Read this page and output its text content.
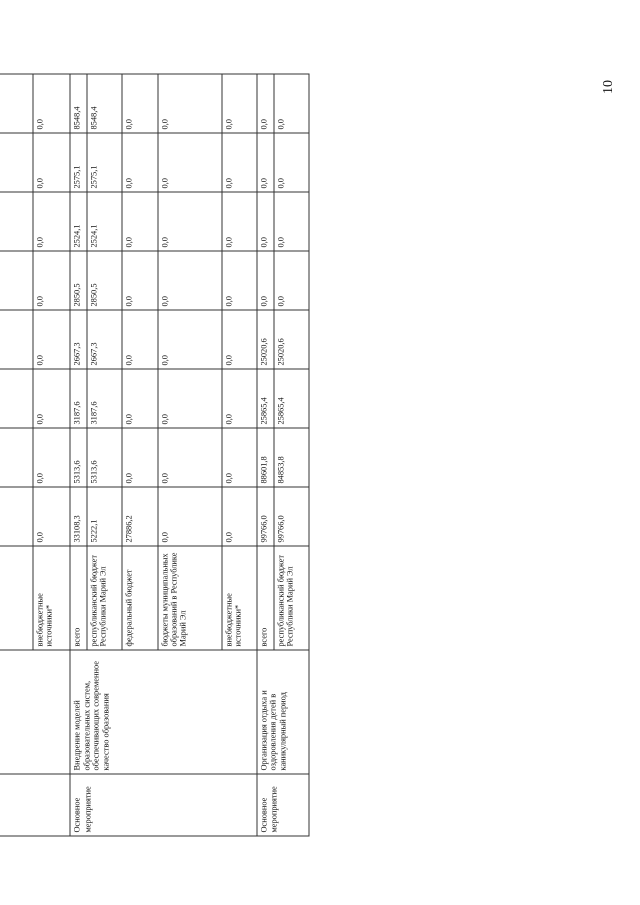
10

		внебюджетные источники*	0,0	0,0	0,0	0,0	0,0	0,0	0,0	0,0
Основное мероприятие	Внедрение моделей образовательных систем, обеспечивающих современное качество образования	всего	33108,3	5313,6	3187,6	2667,3	2850,5	2524,1	2575,1	8548,4
		республиканский бюджет Республики Марий Эл	5222,1	5313,6	3187,6	2667,3	2850,5	2524,1	2575,1	8548,4
		федеральный бюджет	27886,2	0,0	0,0	0,0	0,0	0,0	0,0	0,0
		бюджеты муниципальных образований в Республике Марий Эл	0,0	0,0	0,0	0,0	0,0	0,0	0,0	0,0
		внебюджетные источники*	0,0	0,0	0,0	0,0	0,0	0,0	0,0	0,0
Основное мероприятие	Организация отдыха и оздоровления детей в каникулярный период	всего	99766,0	88601,8	25865,4	25020,6	0,0	0,0	0,0	0,0
		республиканский бюджет Республики Марий Эл	99766,0	84853,8	25865,4	25020,6	0,0	0,0	0,0	0,0
